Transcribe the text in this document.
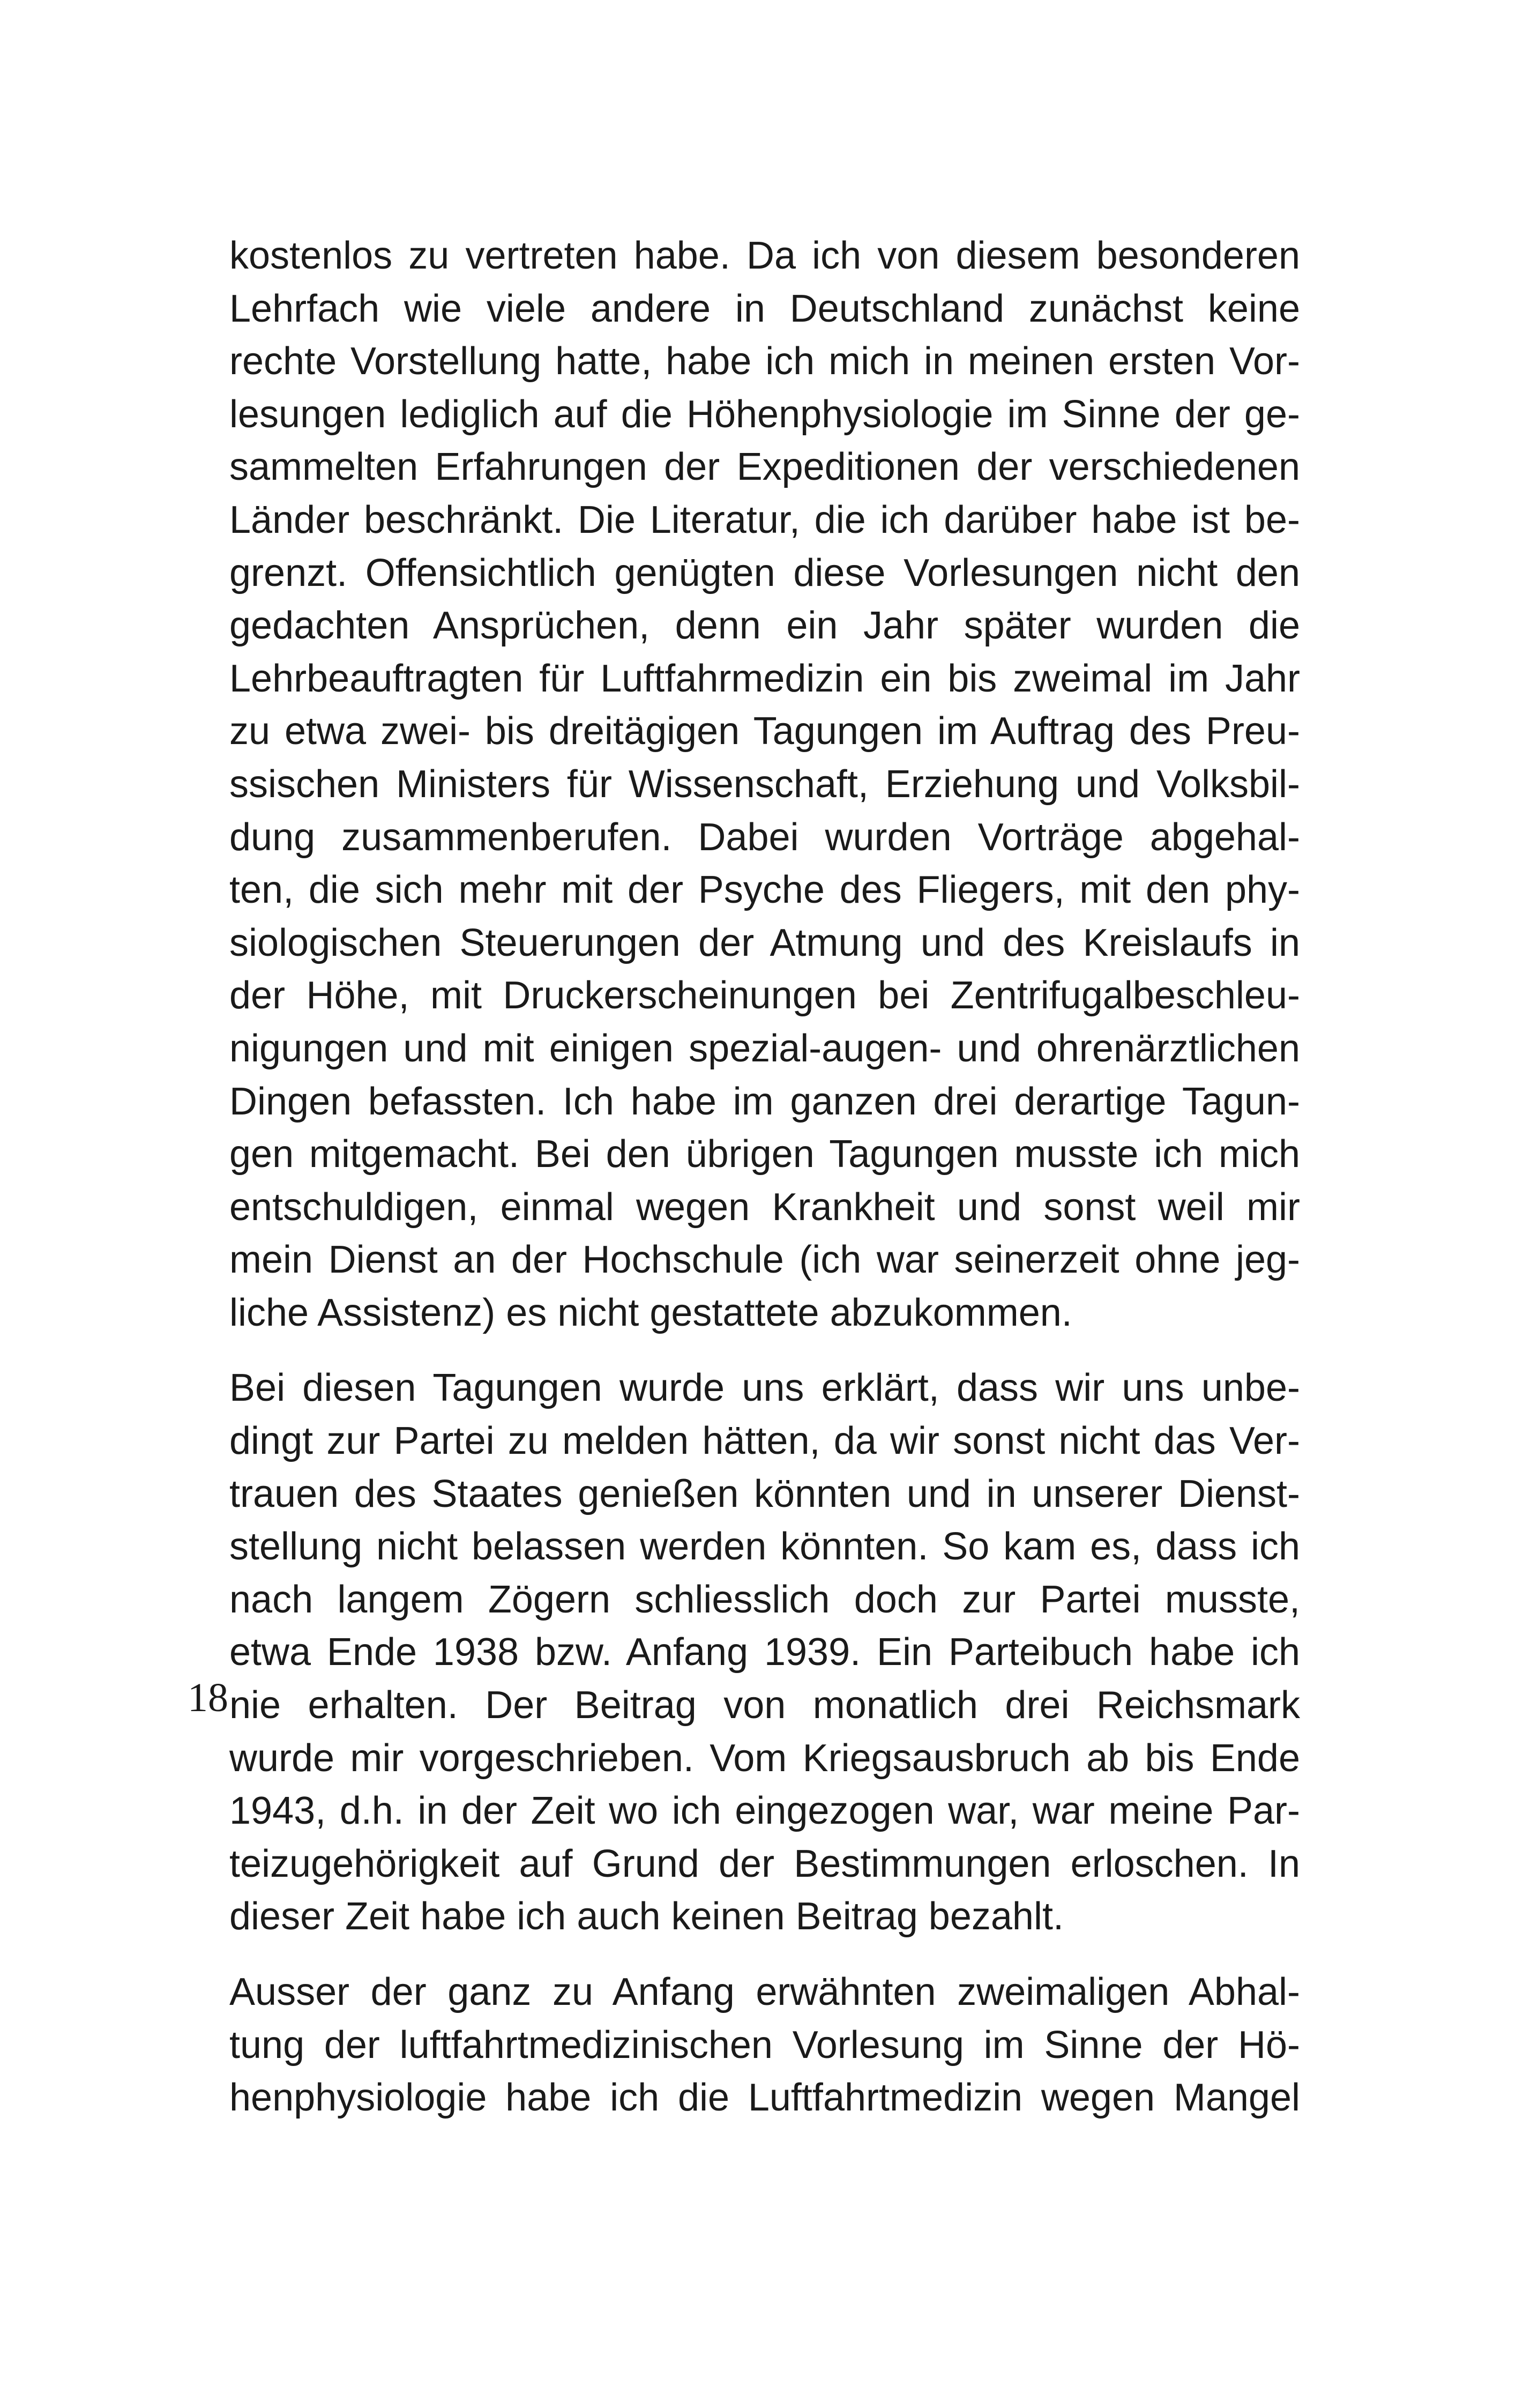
kostenlos zu vertreten habe. Da ich von diesem besonderen
Lehrfach wie viele andere in Deutschland zunächst keine
rechte Vorstellung hatte, habe ich mich in meinen ersten Vor-
lesungen lediglich auf die Höhenphysiologie im Sinne der ge-
sammelten Erfahrungen der Expeditionen der verschiedenen
Länder beschränkt. Die Literatur, die ich darüber habe ist be-
grenzt. Offensichtlich genügten diese Vorlesungen nicht den
gedachten Ansprüchen, denn ein Jahr später wurden die
Lehrbeauftragten für Luftfahrmedizin ein bis zweimal im Jahr
zu etwa zwei- bis dreitägigen Tagungen im Auftrag des Preu-
ssischen Ministers für Wissenschaft, Erziehung und Volksbil-
dung zusammenberufen. Dabei wurden Vorträge abgehal-
ten, die sich mehr mit der Psyche des Fliegers, mit den phy-
siologischen Steuerungen der Atmung und des Kreislaufs in
der Höhe, mit Druckerscheinungen bei Zentrifugalbeschleu-
nigungen und mit einigen spezial-augen- und ohrenärztlichen
Dingen befassten. Ich habe im ganzen drei derartige Tagun-
gen mitgemacht. Bei den übrigen Tagungen musste ich mich
entschuldigen, einmal wegen Krankheit und sonst weil mir
mein Dienst an der Hochschule (ich war seinerzeit ohne jeg-
liche Assistenz) es nicht gestattete abzukommen.

Bei diesen Tagungen wurde uns erklärt, dass wir uns unbe-
dingt zur Partei zu melden hätten, da wir sonst nicht das Ver-
trauen des Staates genießen könnten und in unserer Dienst-
stellung nicht belassen werden könnten. So kam es, dass ich
nach langem Zögern schliesslich doch zur Partei musste,
etwa Ende 1938 bzw. Anfang 1939. Ein Parteibuch habe ich
nie erhalten. Der Beitrag von monatlich drei Reichsmark
wurde mir vorgeschrieben. Vom Kriegsausbruch ab bis Ende
1943, d.h. in der Zeit wo ich eingezogen war, war meine Par-
teizugehörigkeit auf Grund der Bestimmungen erloschen. In
dieser Zeit habe ich auch keinen Beitrag bezahlt.

Ausser der ganz zu Anfang erwähnten zweimaligen Abhal-
tung der luftfahrtmedizinischen Vorlesung im Sinne der Hö-
henphysiologie habe ich die Luftfahrtmedizin wegen Mangel

18
